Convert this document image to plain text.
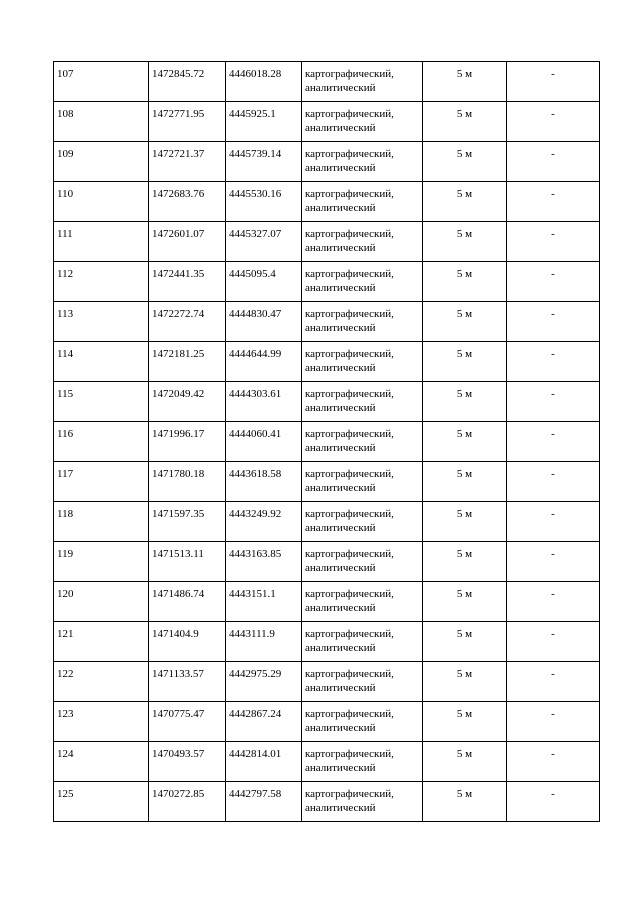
107	1472845.72	4446018.28	картографический, аналитический	5 м	-

108	1472771.95	4445925.1	картографический, аналитический	5 м	-

109	1472721.37	4445739.14	картографический, аналитический	5 м	-

110	1472683.76	4445530.16	картографический, аналитический	5 м	-

111	1472601.07	4445327.07	картографический, аналитический	5 м	-

112	1472441.35	4445095.4	картографический, аналитический	5 м	-

113	1472272.74	4444830.47	картографический, аналитический	5 м	-

114	1472181.25	4444644.99	картографический, аналитический	5 м	-

115	1472049.42	4444303.61	картографический, аналитический	5 м	-

116	1471996.17	4444060.41	картографический, аналитический	5 м	-

117	1471780.18	4443618.58	картографический, аналитический	5 м	-

118	1471597.35	4443249.92	картографический, аналитический	5 м	-

119	1471513.11	4443163.85	картографический, аналитический	5 м	-

120	1471486.74	4443151.1	картографический, аналитический	5 м	-

121	1471404.9	4443111.9	картографический, аналитический	5 м	-

122	1471133.57	4442975.29	картографический, аналитический	5 м	-

123	1470775.47	4442867.24	картографический, аналитический	5 м	-

124	1470493.57	4442814.01	картографический, аналитический	5 м	-

125	1470272.85	4442797.58	картографический, аналитический	5 м	-
